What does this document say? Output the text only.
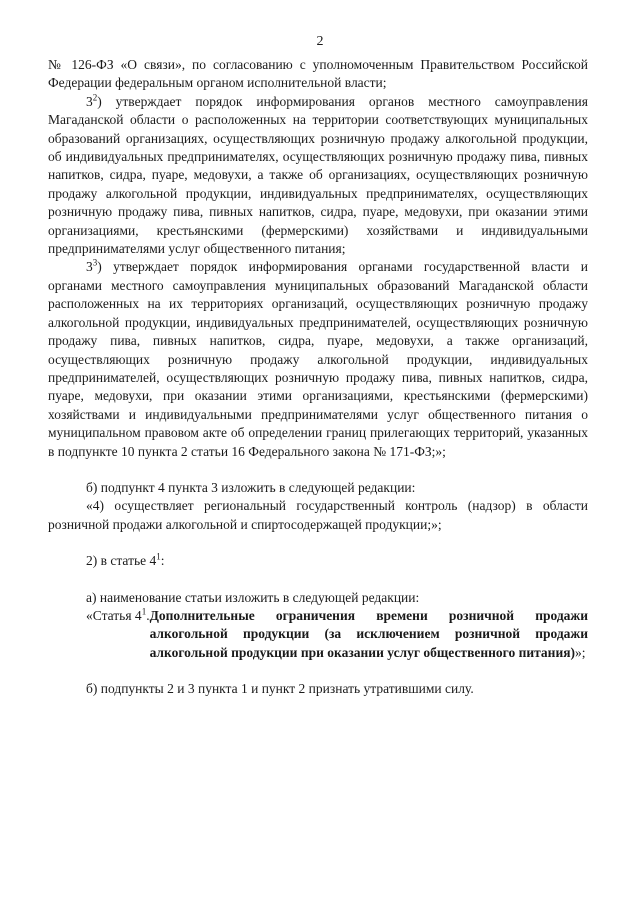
2

№ 126-ФЗ «О связи», по согласованию с уполномоченным Правительством Российской Федерации федеральным органом исполнительной власти;

$3^2$) утверждает порядок информирования органов местного самоуправления Магаданской области о расположенных на территории соответствующих муниципальных образований организациях, осуществляющих розничную продажу алкогольной продукции, об индивидуальных предпринимателях, осуществляющих розничную продажу пива, пивных напитков, сидра, пуаре, медовухи, а также об организациях, осуществляющих розничную продажу алкогольной продукции, индивидуальных предпринимателях, осуществляющих розничную продажу пива, пивных напитков, сидра, пуаре, медовухи, при оказании этими организациями, крестьянскими (фермерскими) хозяйствами и индивидуальными предпринимателями услуг общественного питания;

$3^3$) утверждает порядок информирования органами государственной власти и органами местного самоуправления муниципальных образований Магаданской области расположенных на их территориях организаций, осуществляющих розничную продажу алкогольной продукции, индивидуальных предпринимателей, осуществляющих розничную продажу пива, пивных напитков, сидра, пуаре, медовухи, а также организаций, осуществляющих розничную продажу алкогольной продукции, индивидуальных предпринимателей, осуществляющих розничную продажу пива, пивных напитков, сидра, пуаре, медовухи, при оказании этими организациями, крестьянскими (фермерскими) хозяйствами и индивидуальными предпринимателями услуг общественного питания о муниципальном правовом акте об определении границ прилегающих территорий, указанных в подпункте 10 пункта 2 статьи 16 Федерального закона № 171-ФЗ;»;

б) подпункт 4 пункта 3 изложить в следующей редакции:

«4) осуществляет региональный государственный контроль (надзор) в области розничной продажи алкогольной и спиртосодержащей продукции;»;

2) в статье $4^1$:

а) наименование статьи изложить в следующей редакции:

«Статья $4^1$. Дополнительные ограничения времени розничной продажи алкогольной продукции (за исключением розничной продажи алкогольной продукции при оказании услуг общественного питания)»;

б) подпункты 2 и 3 пункта 1 и пункт 2 признать утратившими силу.
